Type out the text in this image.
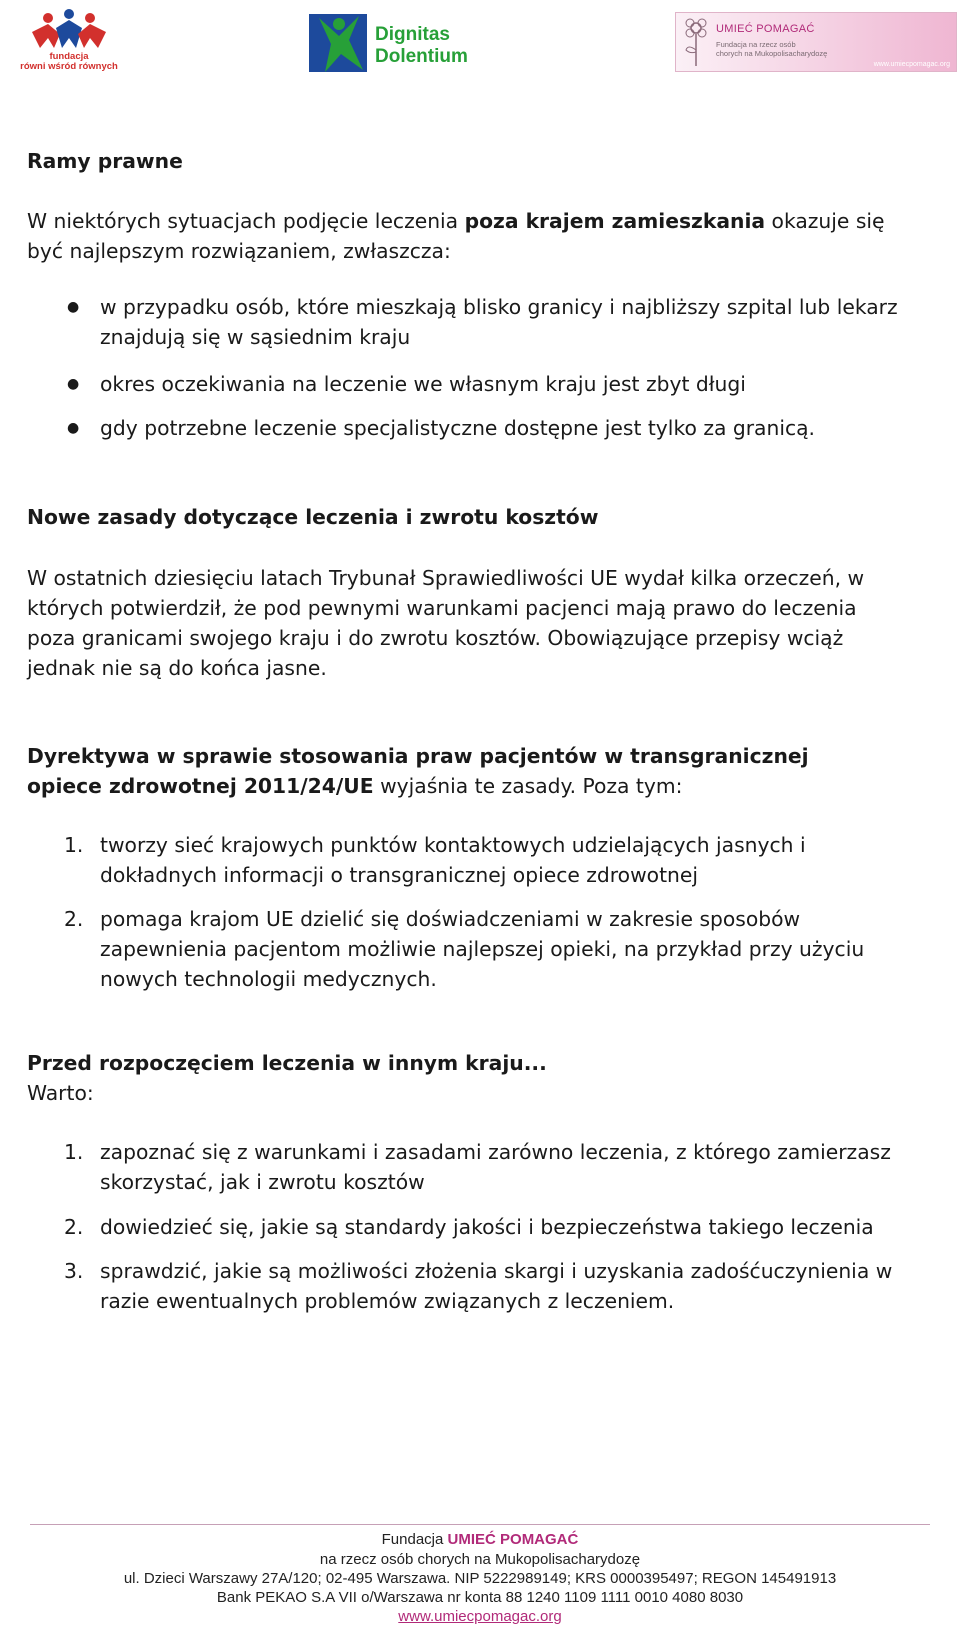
fundacja
równi wśród równych
Dignitas
Dolentium
UMIEĆ POMAGAĆ
Fundacja na rzecz osób
chorych na Mukopolisacharydozę
www.umiecpomagac.org
Ramy prawne
W niektórych sytuacjach podjęcie leczenia poza krajem zamieszkania okazuje się
być najlepszym rozwiązaniem, zwłaszcza:
● w przypadku osób, które mieszkają blisko granicy i najbliższy szpital lub lekarz
znajdują się w sąsiednim kraju
● okres oczekiwania na leczenie we własnym kraju jest zbyt długi
● gdy potrzebne leczenie specjalistyczne dostępne jest tylko za granicą.
Nowe zasady dotyczące leczenia i zwrotu kosztów
W ostatnich dziesięciu latach Trybunał Sprawiedliwości UE wydał kilka orzeczeń, w
których potwierdził, że pod pewnymi warunkami pacjenci mają prawo do leczenia
poza granicami swojego kraju i do zwrotu kosztów. Obowiązujące przepisy wciąż
jednak nie są do końca jasne.
Dyrektywa w sprawie stosowania praw pacjentów w transgranicznej
opiece zdrowotnej 2011/24/UE wyjaśnia te zasady. Poza tym:
1. tworzy sieć krajowych punktów kontaktowych udzielających jasnych i
dokładnych informacji o transgranicznej opiece zdrowotnej
2. pomaga krajom UE dzielić się doświadczeniami w zakresie sposobów
zapewnienia pacjentom możliwie najlepszej opieki, na przykład przy użyciu
nowych technologii medycznych.
Przed rozpoczęciem leczenia w innym kraju...
Warto:
1. zapoznać się z warunkami i zasadami zarówno leczenia, z którego zamierzasz
skorzystać, jak i zwrotu kosztów
2. dowiedzieć się, jakie są standardy jakości i bezpieczeństwa takiego leczenia
3. sprawdzić, jakie są możliwości złożenia skargi i uzyskania zadośćuczynienia w
razie ewentualnych problemów związanych z leczeniem.
Fundacja UMIEĆ POMAGAĆ
na rzecz osób chorych na Mukopolisacharydozę
ul. Dzieci Warszawy 27A/120; 02-495 Warszawa. NIP 5222989149; KRS 0000395497; REGON 145491913
Bank PEKAO S.A VII o/Warszawa nr konta 88 1240 1109 1111 0010 4080 8030
www.umiecpomagac.org
